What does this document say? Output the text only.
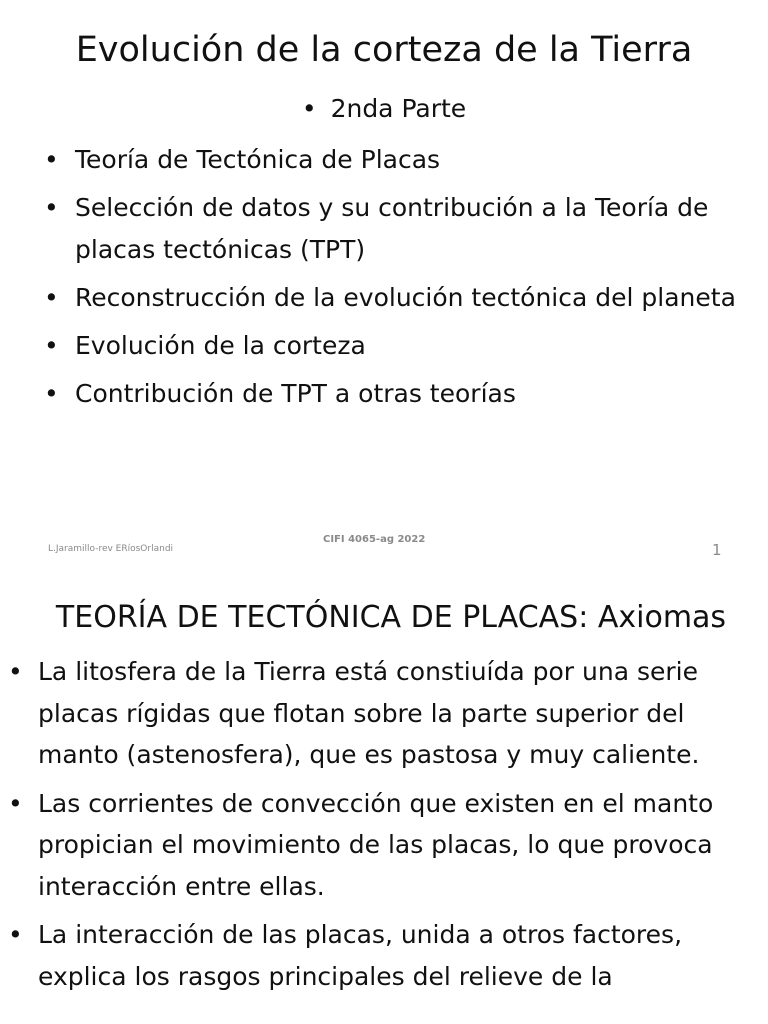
Evolución de la corteza de la Tierra
• 2nda Parte
• Teoría de Tectónica de Placas
• Selección de datos y su contribución a la Teoría de placas tectónicas (TPT)
• Reconstrucción de la evolución tectónica del planeta
• Evolución de la corteza
• Contribución de TPT a otras teorías
L.Jaramillo-rev ERíosOrlandi
CIFI 4065-ag 2022
1
TEORÍA DE TECTÓNICA DE PLACAS: Axiomas
• La litosfera de la Tierra está constiuída por una serie placas rígidas que flotan sobre la parte superior del manto (astenosfera), que es pastosa y muy caliente.
• Las corrientes de convección que existen en el manto propician el movimiento de las placas, lo que provoca interacción entre ellas.
• La interacción de las placas, unida a otros factores, explica los rasgos principales del relieve de la
